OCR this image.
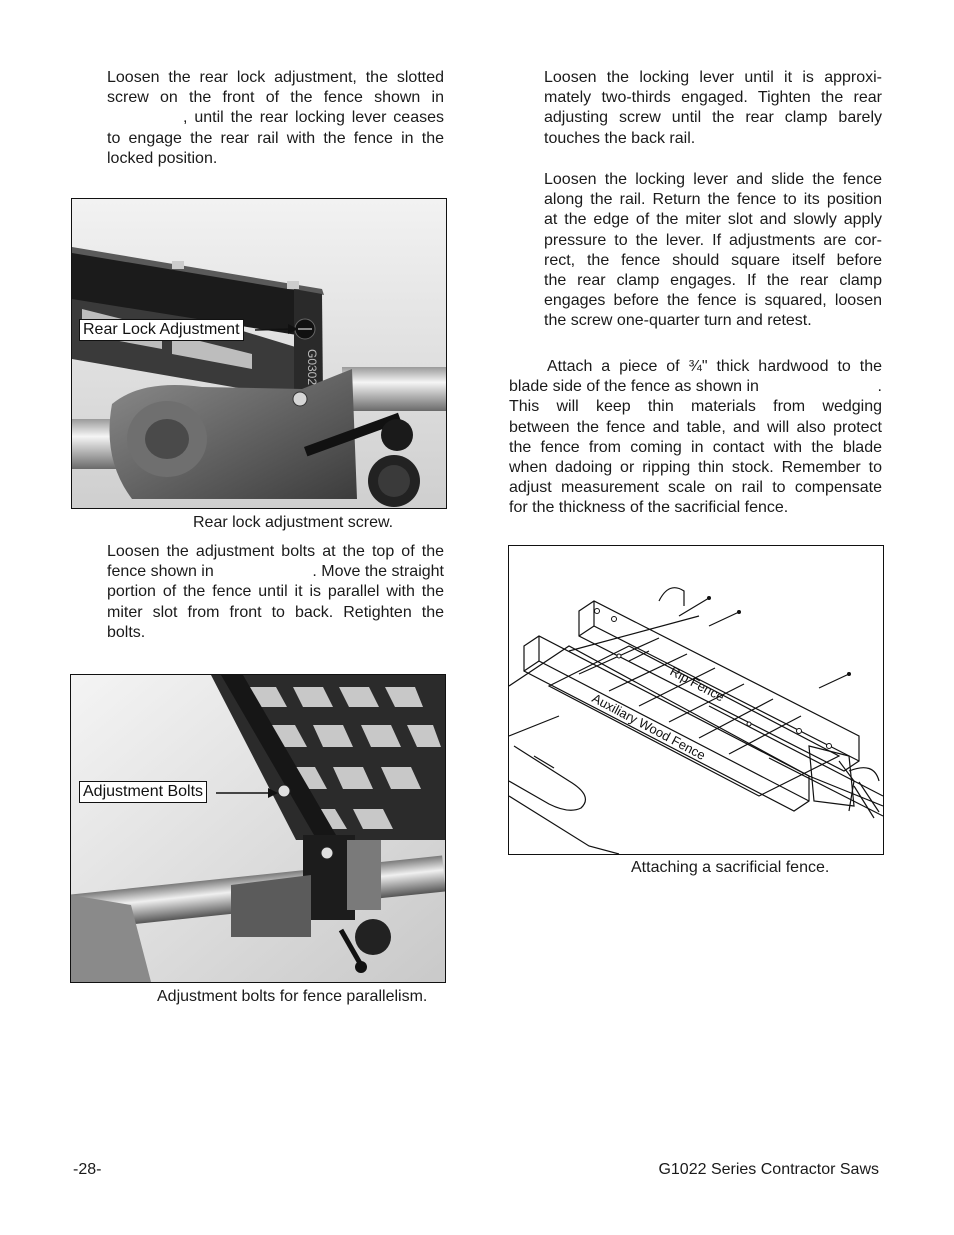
Loosen the rear lock adjustment, the slotted
screw on the front of the fence shown in
, until the rear locking lever ceases
to engage the rear rail with the fence in the
locked position.
G0302
Rear Lock Adjustment
Rear lock adjustment screw.
Loosen the adjustment bolts at the top of the
fence shown in	. Move the straight
portion of the fence until it is parallel with the
miter slot from front to back. Retighten the
bolts.
Adjustment Bolts
Adjustment bolts for fence parallelism.
Loosen the locking lever until it is approxi-
mately two-thirds engaged. Tighten the rear
adjusting screw until the rear clamp barely
touches the back rail.
Loosen the locking lever and slide the fence
along the rail. Return the fence to its position
at the edge of the miter slot and slowly apply
pressure to the lever. If adjustments are cor-
rect, the fence should square itself before
the rear clamp engages. If the rear clamp
engages before the fence is squared, loosen
the screw one-quarter turn and retest.
Attach a piece of ¾" thick hardwood to the
blade side of the fence as shown in	.
This will keep thin materials from wedging
between the fence and table, and will also protect
the fence from coming in contact with the blade
when dadoing or ripping thin stock. Remember to
adjust measurement scale on rail to compensate
for the thickness of the sacrificial fence.
Rip Fence
Auxiliary Wood Fence
Attaching a sacrificial fence.
-28-	G1022 Series Contractor Saws
